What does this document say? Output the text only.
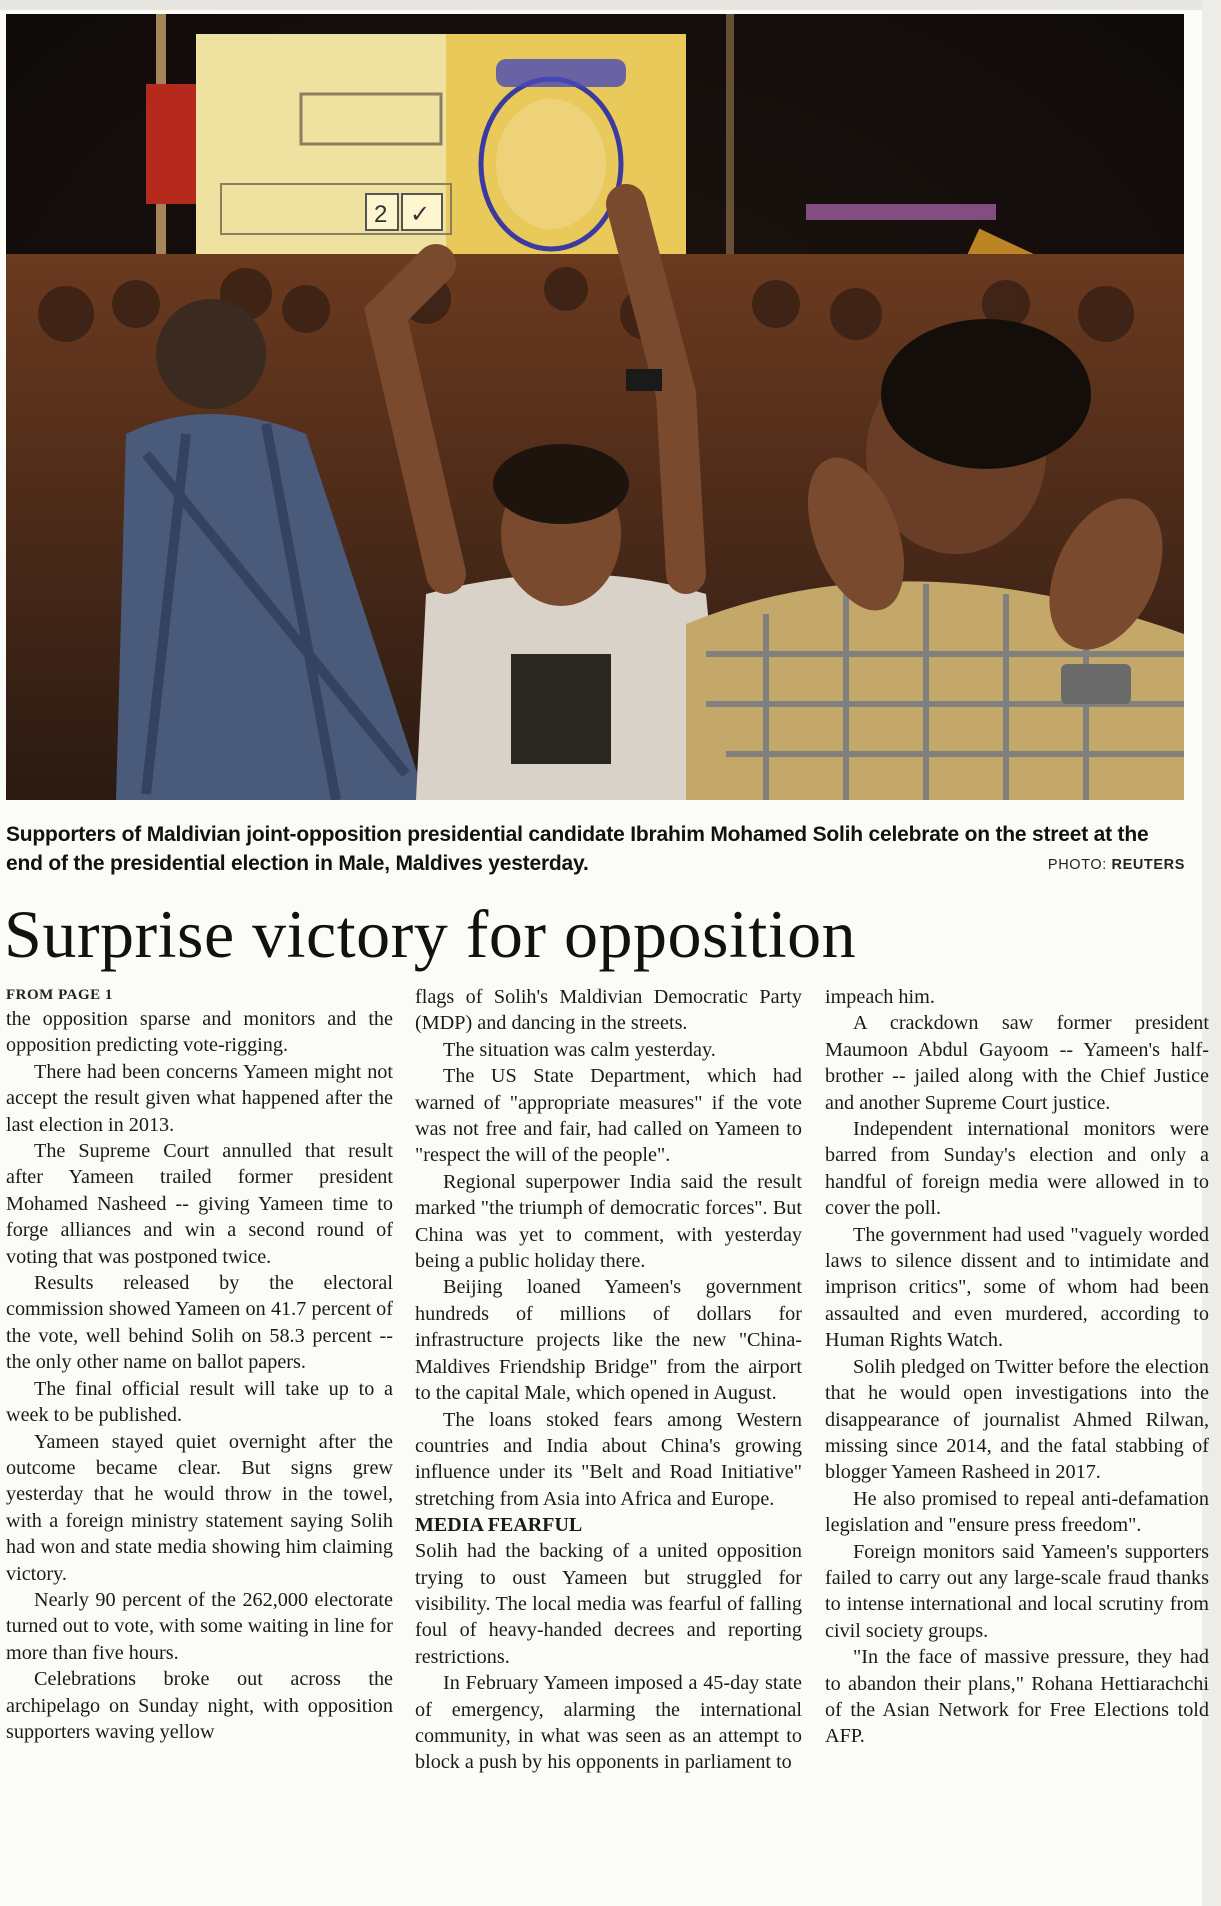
2 ✓
Supporters of Maldivian joint-opposition presidential candidate Ibrahim Mohamed Solih celebrate on the street at the end of the presidential election in Male, Maldives yesterday.	PHOTO: REUTERS
Surprise victory for opposition
FROM PAGE 1

the opposition sparse and monitors and the opposition predicting vote-rigging.

There had been concerns Yameen might not accept the result given what happened after the last election in 2013.

The Supreme Court annulled that result after Yameen trailed former president Mohamed Nasheed -- giving Yameen time to forge alliances and win a second round of voting that was postponed twice.

Results released by the electoral commission showed Yameen on 41.7 percent of the vote, well behind Solih on 58.3 percent -- the only other name on ballot papers.

The final official result will take up to a week to be published.

Yameen stayed quiet overnight after the outcome became clear. But signs grew yesterday that he would throw in the towel, with a foreign ministry statement saying Solih had won and state media showing him claiming victory.

Nearly 90 percent of the 262,000 electorate turned out to vote, with some waiting in line for more than five hours.

Celebrations broke out across the archipelago on Sunday night, with opposition supporters waving yellow

flags of Solih's Maldivian Democratic Party (MDP) and dancing in the streets.

The situation was calm yesterday.

The US State Department, which had warned of "appropriate measures" if the vote was not free and fair, had called on Yameen to "respect the will of the people".

Regional superpower India said the result marked "the triumph of democratic forces". But China was yet to comment, with yesterday being a public holiday there.

Beijing loaned Yameen's government hundreds of millions of dollars for infrastructure projects like the new "China-Maldives Friendship Bridge" from the airport to the capital Male, which opened in August.

The loans stoked fears among Western countries and India about China's growing influence under its "Belt and Road Initiative" stretching from Asia into Africa and Europe.

MEDIA FEARFUL

Solih had the backing of a united opposition trying to oust Yameen but struggled for visibility. The local media was fearful of falling foul of heavy-handed decrees and reporting restrictions.

In February Yameen imposed a 45-day state of emergency, alarming the international community, in what was seen as an attempt to block a push by his opponents in parliament to

impeach him.

A crackdown saw former president Maumoon Abdul Gayoom -- Yameen's half-brother -- jailed along with the Chief Justice and another Supreme Court justice.

Independent international monitors were barred from Sunday's election and only a handful of foreign media were allowed in to cover the poll.

The government had used "vaguely worded laws to silence dissent and to intimidate and imprison critics", some of whom had been assaulted and even murdered, according to Human Rights Watch.

Solih pledged on Twitter before the election that he would open investigations into the disappearance of journalist Ahmed Rilwan, missing since 2014, and the fatal stabbing of blogger Yameen Rasheed in 2017.

He also promised to repeal anti-defamation legislation and "ensure press freedom".

Foreign monitors said Yameen's supporters failed to carry out any large-scale fraud thanks to intense international and local scrutiny from civil society groups.

"In the face of massive pressure, they had to abandon their plans," Rohana Hettiarachchi of the Asian Network for Free Elections told AFP.
